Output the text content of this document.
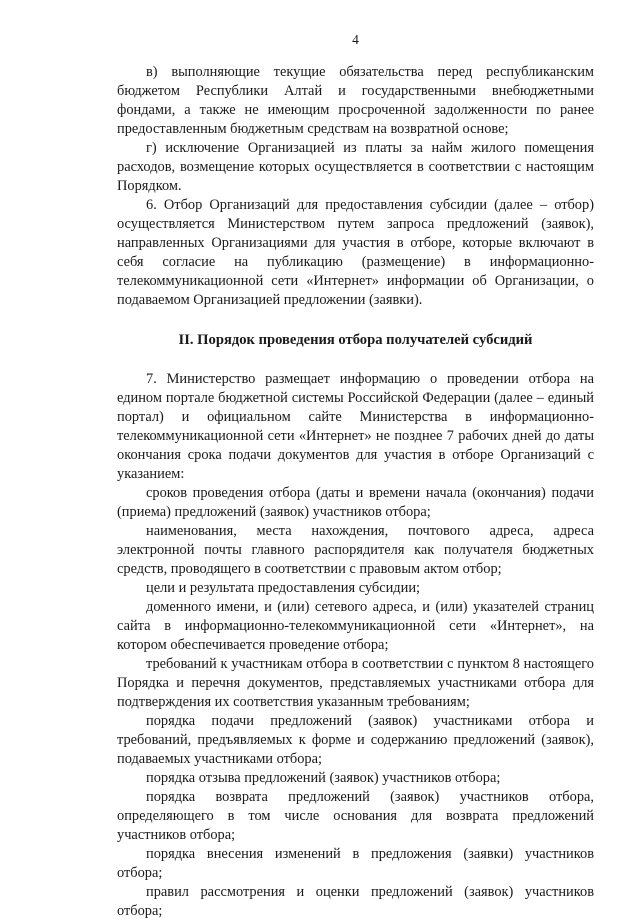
4

в) выполняющие текущие обязательства перед республиканским бюджетом Республики Алтай и государственными внебюджетными фондами, а также не имеющим просроченной задолженности по ранее предоставленным бюджетным средствам на возвратной основе;

г) исключение Организацией из платы за найм жилого помещения расходов, возмещение которых осуществляется в соответствии с настоящим Порядком.

6. Отбор Организаций для предоставления субсидии (далее – отбор) осуществляется Министерством путем запроса предложений (заявок), направленных Организациями для участия в отборе, которые включают в себя согласие на публикацию (размещение) в информационно-телекоммуникационной сети «Интернет» информации об Организации, о подаваемом Организацией предложении (заявки).

II. Порядок проведения отбора получателей субсидий

7. Министерство размещает информацию о проведении отбора на едином портале бюджетной системы Российской Федерации (далее – единый портал) и официальном сайте Министерства в информационно-телекоммуникационной сети «Интернет» не позднее 7 рабочих дней до даты окончания срока подачи документов для участия в отборе Организаций с указанием:

сроков проведения отбора (даты и времени начала (окончания) подачи (приема) предложений (заявок) участников отбора;

наименования, места нахождения, почтового адреса, адреса электронной почты главного распорядителя как получателя бюджетных средств, проводящего в соответствии с правовым актом отбор;

цели и результата предоставления субсидии;

доменного имени, и (или) сетевого адреса, и (или) указателей страниц сайта в информационно-телекоммуникационной сети «Интернет», на котором обеспечивается проведение отбора;

требований к участникам отбора в соответствии с пунктом 8 настоящего Порядка и перечня документов, представляемых участниками отбора для подтверждения их соответствия указанным требованиям;

порядка подачи предложений (заявок) участниками отбора и требований, предъявляемых к форме и содержанию предложений (заявок), подаваемых участниками отбора;

порядка отзыва предложений (заявок) участников отбора;

порядка возврата предложений (заявок) участников отбора, определяющего в том числе основания для возврата предложений участников отбора;

порядка внесения изменений в предложения (заявки) участников отбора;

правил рассмотрения и оценки предложений (заявок) участников отбора;
